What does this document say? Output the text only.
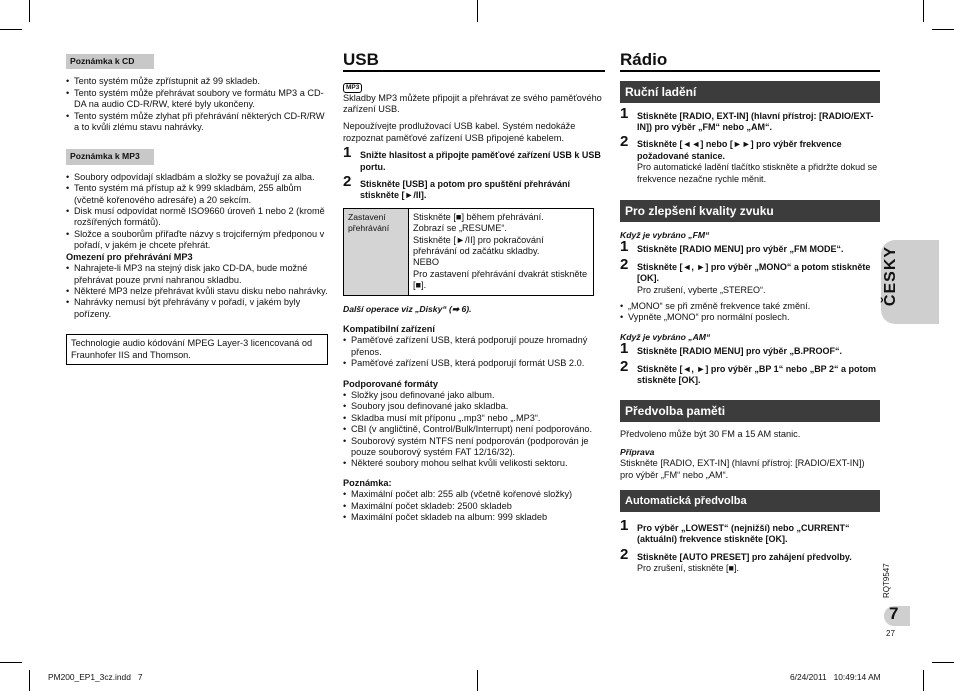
Poznámka k CD
• Tento systém může zpřístupnit až 99 skladeb.
• Tento systém může přehrávat soubory ve formátu MP3 a CD-DA na audio CD-R/RW, které byly ukončeny.
• Tento systém může zlyhat při přehrávání některých CD-R/RW a to kvůli zlému stavu nahrávky.
Poznámka k MP3
• Soubory odpovídají skladbám a složky se považují za alba.
• Tento systém má přístup až k 999 skladbám, 255 albům (včetně kořenového adresáře) a 20 sekcím.
• Disk musí odpovídat normě ISO9660 úroveň 1 nebo 2 (kromě rozšířených formátů).
• Složce a souborům přiřaďte názvy s trojciferným předponou v pořadí, v jakém je chcete přehrát.
Omezení pro přehrávání MP3
• Nahrajete-li MP3 na stejný disk jako CD-DA, bude možné přehrávat pouze první nahranou skladbu.
• Některé MP3 nelze přehrávat kvůli stavu disku nebo nahrávky.
• Nahrávky nemusí být přehrávány v pořadí, v jakém byly pořízeny.
Technologie audio kódování MPEG Layer-3 licencovaná od Fraunhofer IIS and Thomson.
USB
MP3
Skladby MP3 můžete připojit a přehrávat ze svého paměťového zařízení USB.
Nepoužívejte prodlužovací USB kabel. Systém nedokáže rozpoznat paměťové zařízení USB připojené kabelem.
1 Snižte hlasitost a připojte paměťové zařízení USB k USB portu.
2 Stiskněte [USB] a potom pro spuštění přehrávání stiskněte [►/II].
Zastavení přehrávání	
Stiskněte [■] během přehrávání.
Zobrazí se „RESUME“.
Stiskněte [►/II] pro pokračování přehrávání od začátku skladby.
NEBO
Pro zastavení přehrávání dvakrát stiskněte [■].
Další operace viz „Disky“ (➡ 6).
Kompatibilní zařízení
• Paměťové zařízení USB, která podporují pouze hromadný přenos.
• Paměťové zařízení USB, která podporují formát USB 2.0.
Podporované formáty
• Složky jsou definované jako album.
• Soubory jsou definované jako skladba.
• Skladba musí mít příponu „.mp3“ nebo „.MP3“.
• CBI (v angličtině, Control/Bulk/Interrupt) není podporováno.
• Souborový systém NTFS není podporován (podporován je pouze souborový systém FAT 12/16/32).
• Některé soubory mohou selhat kvůli velikosti sektoru.
Poznámka:
• Maximální počet alb: 255 alb (včetně kořenové složky)
• Maximální počet skladeb: 2500 skladeb
• Maximální počet skladeb na album: 999 skladeb
Rádio
Ruční ladění
1 Stiskněte [RADIO, EXT-IN] (hlavní přístroj: [RADIO/EXT-IN]) pro výběr „FM“ nebo „AM“.
2 Stiskněte [◄◄] nebo [►►] pro výběr frekvence požadované stanice.
Pro automatické ladění tlačítko stiskněte a přidržte dokud se frekvence nezačne rychle měnit.
Pro zlepšení kvality zvuku
Když je vybráno „FM“
1 Stiskněte [RADIO MENU] pro výběr „FM MODE“.
2 Stiskněte [◄, ►] pro výběr „MONO“ a potom stiskněte [OK].
Pro zrušení, vyberte „STEREO“.
• „MONO“ se při změně frekvence také změní.
• Vypněte „MONO“ pro normální poslech.
Když je vybráno „AM“
1 Stiskněte [RADIO MENU] pro výběr „B.PROOF“.
2 Stiskněte [◄, ►] pro výběr „BP 1“ nebo „BP 2“ a potom stiskněte [OK].
Předvolba paměti
Předvoleno může být 30 FM a 15 AM stanic.
Příprava
Stiskněte [RADIO, EXT-IN] (hlavní přístroj: [RADIO/EXT-IN]) pro výběr „FM“ nebo „AM“.
Automatická předvolba
1 Pro výběr „LOWEST“ (nejnižší) nebo „CURRENT“ (aktuální) frekvence stiskněte [OK].
2 Stiskněte [AUTO PRESET] pro zahájení předvolby.
Pro zrušení, stiskněte [■].
ČESKY
RQT9547
7
27
PM200_EP1_3cz.indd   7	6/24/2011   10:49:14 AM
